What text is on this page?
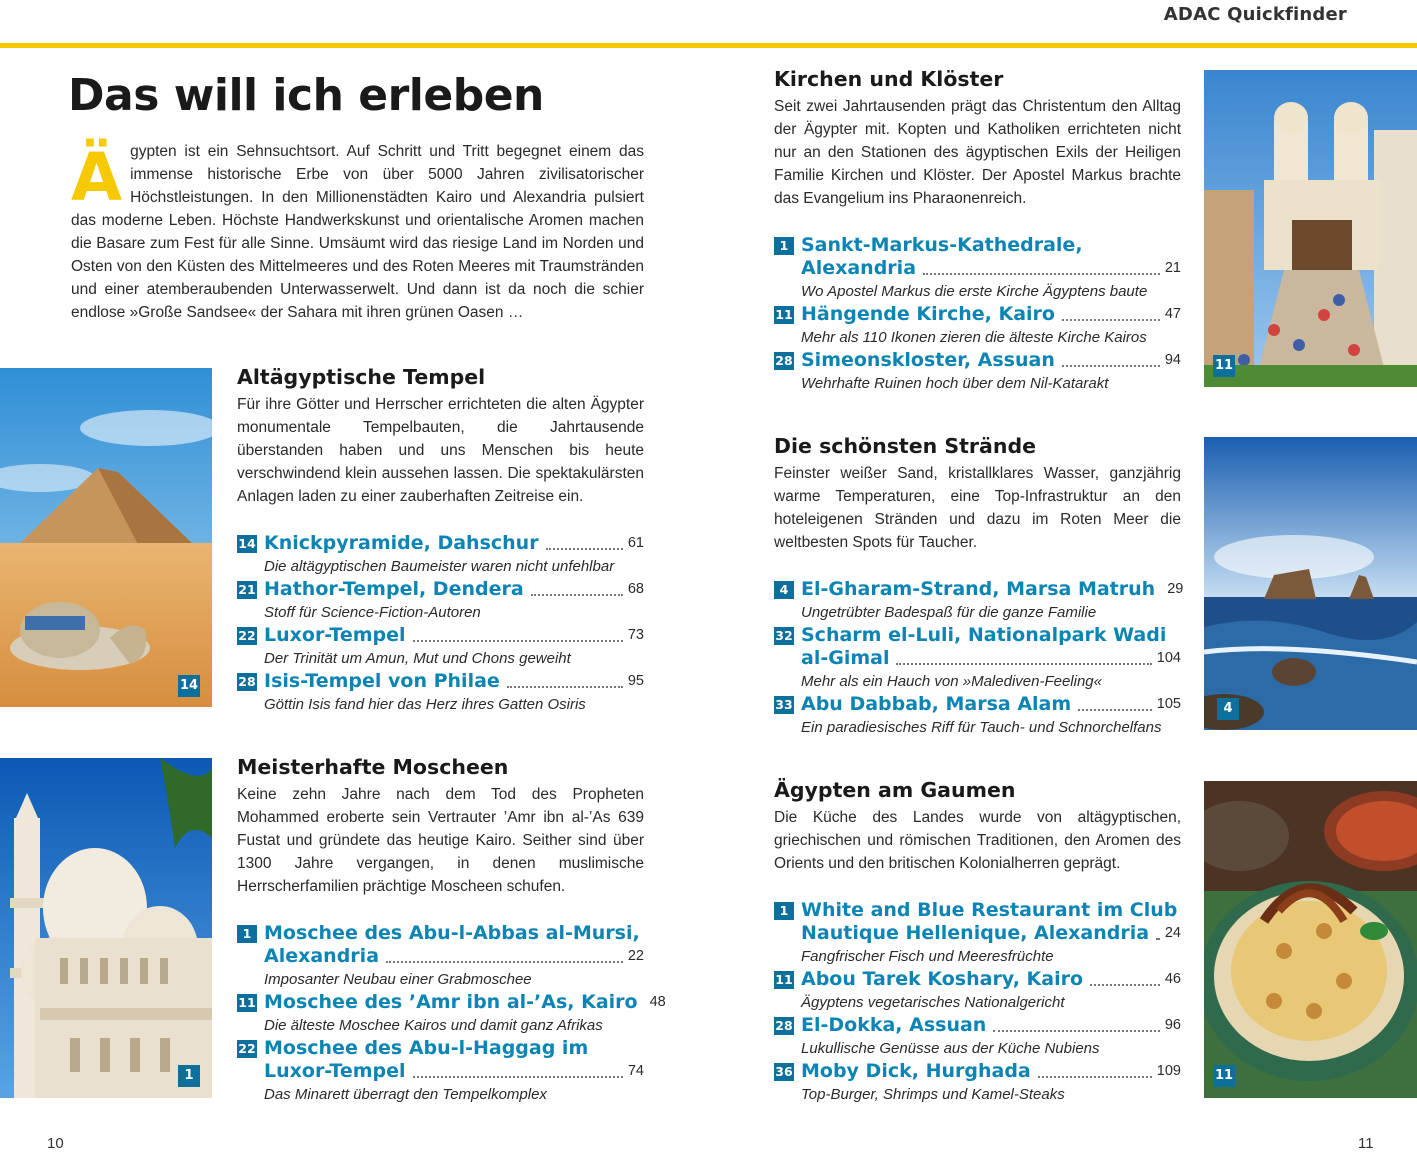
ADAC Quickfinder
Das will ich erleben
Ägypten ist ein Sehnsuchtsort. Auf Schritt und Tritt begegnet einem das immense historische Erbe von über 5000 Jahren zivilisatorischer Höchstleistungen. In den Millionenstädten Kairo und Alexandria pulsiert das moderne Leben. Höchste Handwerkskunst und orientalische Aromen machen die Basare zum Fest für alle Sinne. Umsäumt wird das riesige Land im Norden und Osten von den Küsten des Mittelmeeres und des Roten Meeres mit Traumstränden und einer atemberaubenden Unterwasserwelt. Und dann ist da noch die schier endlose »Große Sandsee« der Sahara mit ihren grünen Oasen …
14
1
11
4
11
Altägyptische Tempel

Für ihre Götter und Herrscher errichteten die alten Ägypter monumentale Tempelbauten, die Jahrtausende überstanden haben und uns Menschen bis heute verschwindend klein aussehen lassen. Die spektakulärsten Anlagen laden zu einer zauberhaften Zeitreise ein.

14 Knickpyramide, Dahschur	61
Die altägyptischen Baumeister waren nicht unfehlbar
21 Hathor-Tempel, Dendera	68
Stoff für Science-Fiction-Autoren
22 Luxor-Tempel	73
Der Trinität um Amun, Mut und Chons geweiht
28 Isis-Tempel von Philae	95
Göttin Isis fand hier das Herz ihres Gatten Osiris
Meisterhafte Moscheen

Keine zehn Jahre nach dem Tod des Propheten Mohammed eroberte sein Vertrauter ’Amr ibn al-’As 639 Fustat und gründete das heutige Kairo. Seither sind über 1300 Jahre vergangen, in denen muslimische Herrscherfamilien prächtige Moscheen schufen.

1 Moschee des Abu-l-Abbas al-Mursi,
Alexandria	22
Imposanter Neubau einer Grabmoschee
11 Moschee des ’Amr ibn al-’As, Kairo 48
Die älteste Moschee Kairos und damit ganz Afrikas
22 Moschee des Abu-l-Haggag im
Luxor-Tempel	74
Das Minarett überragt den Tempelkomplex
Kirchen und Klöster

Seit zwei Jahrtausenden prägt das Christentum den Alltag der Ägypter mit. Kopten und Katholiken errichteten nicht nur an den Stationen des ägyptischen Exils der Heiligen Familie Kirchen und Klöster. Der Apostel Markus brachte das Evangelium ins Pharaonenreich.

1 Sankt-Markus-Kathedrale,
Alexandria	21
Wo Apostel Markus die erste Kirche Ägyptens baute
11 Hängende Kirche, Kairo	47
Mehr als 110 Ikonen zieren die älteste Kirche Kairos
28 Simeonskloster, Assuan	94
Wehrhafte Ruinen hoch über dem Nil-Katarakt
Die schönsten Strände

Feinster weißer Sand, kristallklares Wasser, ganzjährig warme Temperaturen, eine Top-Infrastruktur an den hoteleigenen Stränden und dazu im Roten Meer die weltbesten Spots für Taucher.

4 El-Gharam-Strand, Marsa Matruh 29
Ungetrübter Badespaß für die ganze Familie
32 Scharm el-Luli, Nationalpark Wadi
al-Gimal	104
Mehr als ein Hauch von »Malediven-Feeling«
33 Abu Dabbab, Marsa Alam	105
Ein paradiesisches Riff für Tauch- und Schnorchelfans
Ägypten am Gaumen

Die Küche des Landes wurde von altägyptischen, griechischen und römischen Traditionen, den Aromen des Orients und den britischen Kolonialherren geprägt.

1 White and Blue Restaurant im Club
Nautique Hellenique, Alexandria 24
Fangfrischer Fisch und Meeresfrüchte
11 Abou Tarek Koshary, Kairo	46
Ägyptens vegetarisches Nationalgericht
28 El-Dokka, Assuan	96
Lukullische Genüsse aus der Küche Nubiens
36 Moby Dick, Hurghada	109
Top-Burger, Shrimps und Kamel-Steaks
10	11
